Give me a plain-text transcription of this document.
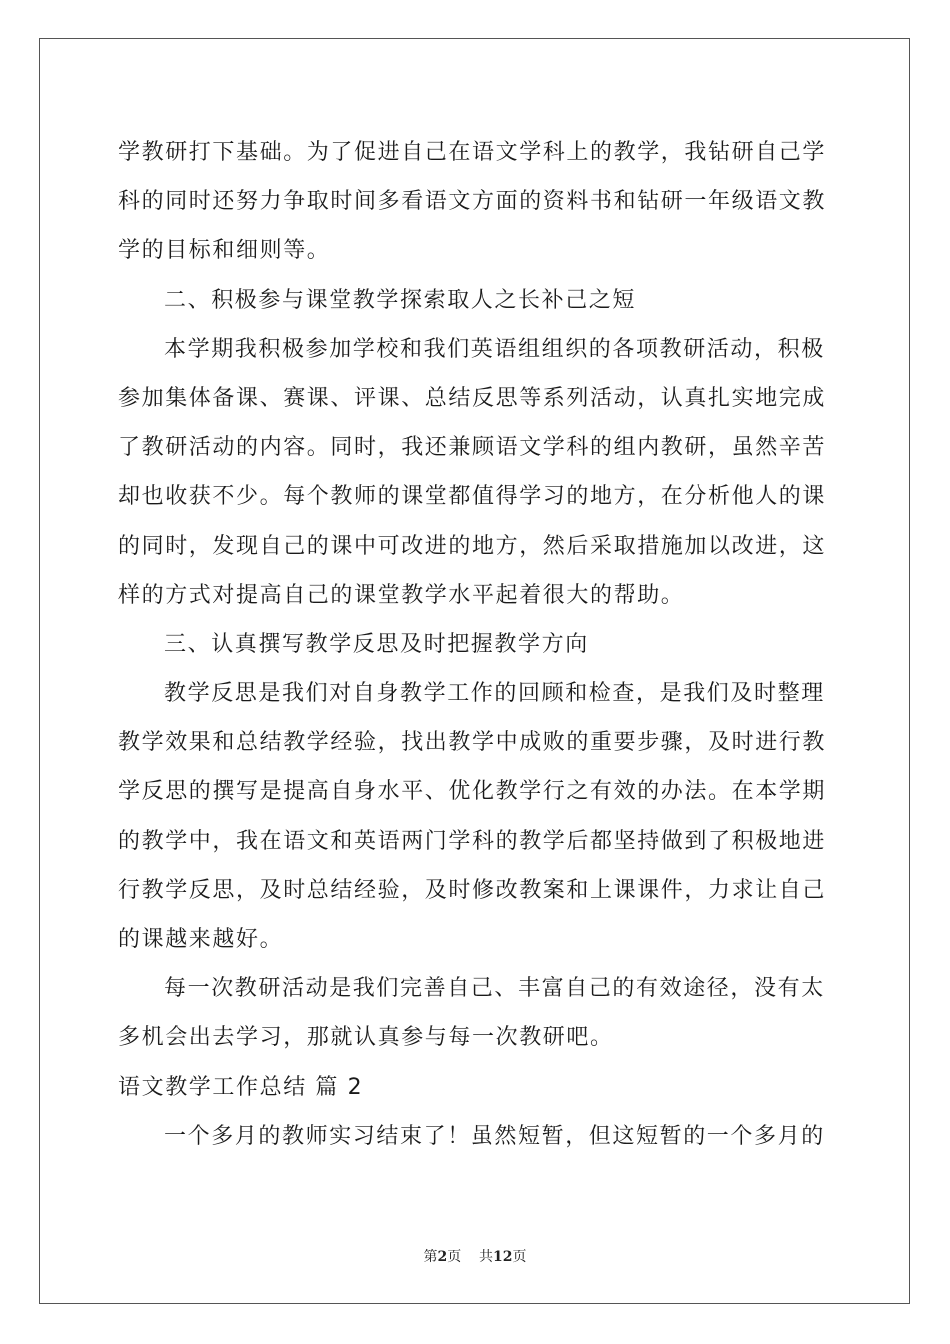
学教研打下基础。为了促进自己在语文学科上的教学，我钻研自己学
科的同时还努力争取时间多看语文方面的资料书和钻研一年级语文教
学的目标和细则等。
二、积极参与课堂教学探索取人之长补己之短
本学期我积极参加学校和我们英语组组织的各项教研活动，积极
参加集体备课、赛课、评课、总结反思等系列活动，认真扎实地完成
了教研活动的内容。同时，我还兼顾语文学科的组内教研，虽然辛苦
却也收获不少。每个教师的课堂都值得学习的地方，在分析他人的课
的同时，发现自己的课中可改进的地方，然后采取措施加以改进，这
样的方式对提高自己的课堂教学水平起着很大的帮助。
三、认真撰写教学反思及时把握教学方向
教学反思是我们对自身教学工作的回顾和检查，是我们及时整理
教学效果和总结教学经验，找出教学中成败的重要步骤，及时进行教
学反思的撰写是提高自身水平、优化教学行之有效的办法。在本学期
的教学中，我在语文和英语两门学科的教学后都坚持做到了积极地进
行教学反思，及时总结经验，及时修改教案和上课课件，力求让自己
的课越来越好。
每一次教研活动是我们完善自己、丰富自己的有效途径，没有太
多机会出去学习，那就认真参与每一次教研吧。
语文教学工作总结 篇 2
一个多月的教师实习结束了！虽然短暂，但这短暂的一个多月的
第2页 共12页
